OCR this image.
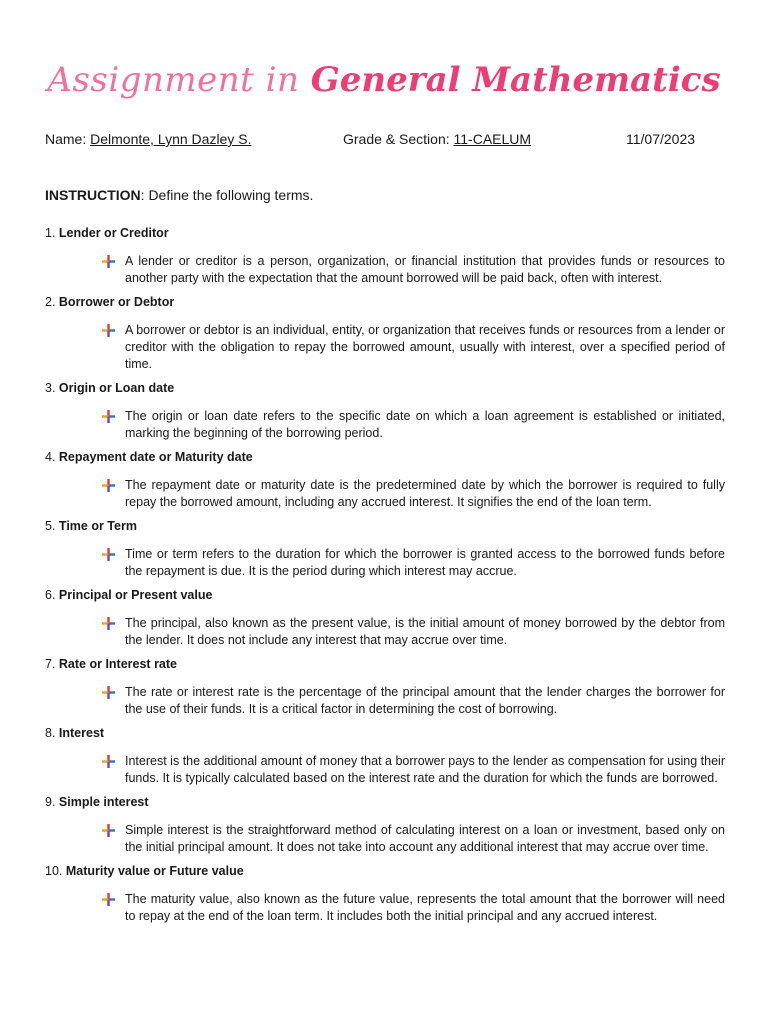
Assignment in General Mathematics
Name: Delmonte, Lynn Dazley S.	Grade & Section: 11-CAELUM	11/07/2023
INSTRUCTION: Define the following terms.
1. Lender or Creditor
A lender or creditor is a person, organization, or financial institution that provides funds or resources to another party with the expectation that the amount borrowed will be paid back, often with interest.
2. Borrower or Debtor
A borrower or debtor is an individual, entity, or organization that receives funds or resources from a lender or creditor with the obligation to repay the borrowed amount, usually with interest, over a specified period of time.
3. Origin or Loan date
The origin or loan date refers to the specific date on which a loan agreement is established or initiated, marking the beginning of the borrowing period.
4. Repayment date or Maturity date
The repayment date or maturity date is the predetermined date by which the borrower is required to fully repay the borrowed amount, including any accrued interest. It signifies the end of the loan term.
5. Time or Term
Time or term refers to the duration for which the borrower is granted access to the borrowed funds before the repayment is due. It is the period during which interest may accrue.
6. Principal or Present value
The principal, also known as the present value, is the initial amount of money borrowed by the debtor from the lender. It does not include any interest that may accrue over time.
7. Rate or Interest rate
The rate or interest rate is the percentage of the principal amount that the lender charges the borrower for the use of their funds. It is a critical factor in determining the cost of borrowing.
8. Interest
Interest is the additional amount of money that a borrower pays to the lender as compensation for using their funds. It is typically calculated based on the interest rate and the duration for which the funds are borrowed.
9. Simple interest
Simple interest is the straightforward method of calculating interest on a loan or investment, based only on the initial principal amount. It does not take into account any additional interest that may accrue over time.
10. Maturity value or Future value
The maturity value, also known as the future value, represents the total amount that the borrower will need to repay at the end of the loan term. It includes both the initial principal and any accrued interest.
